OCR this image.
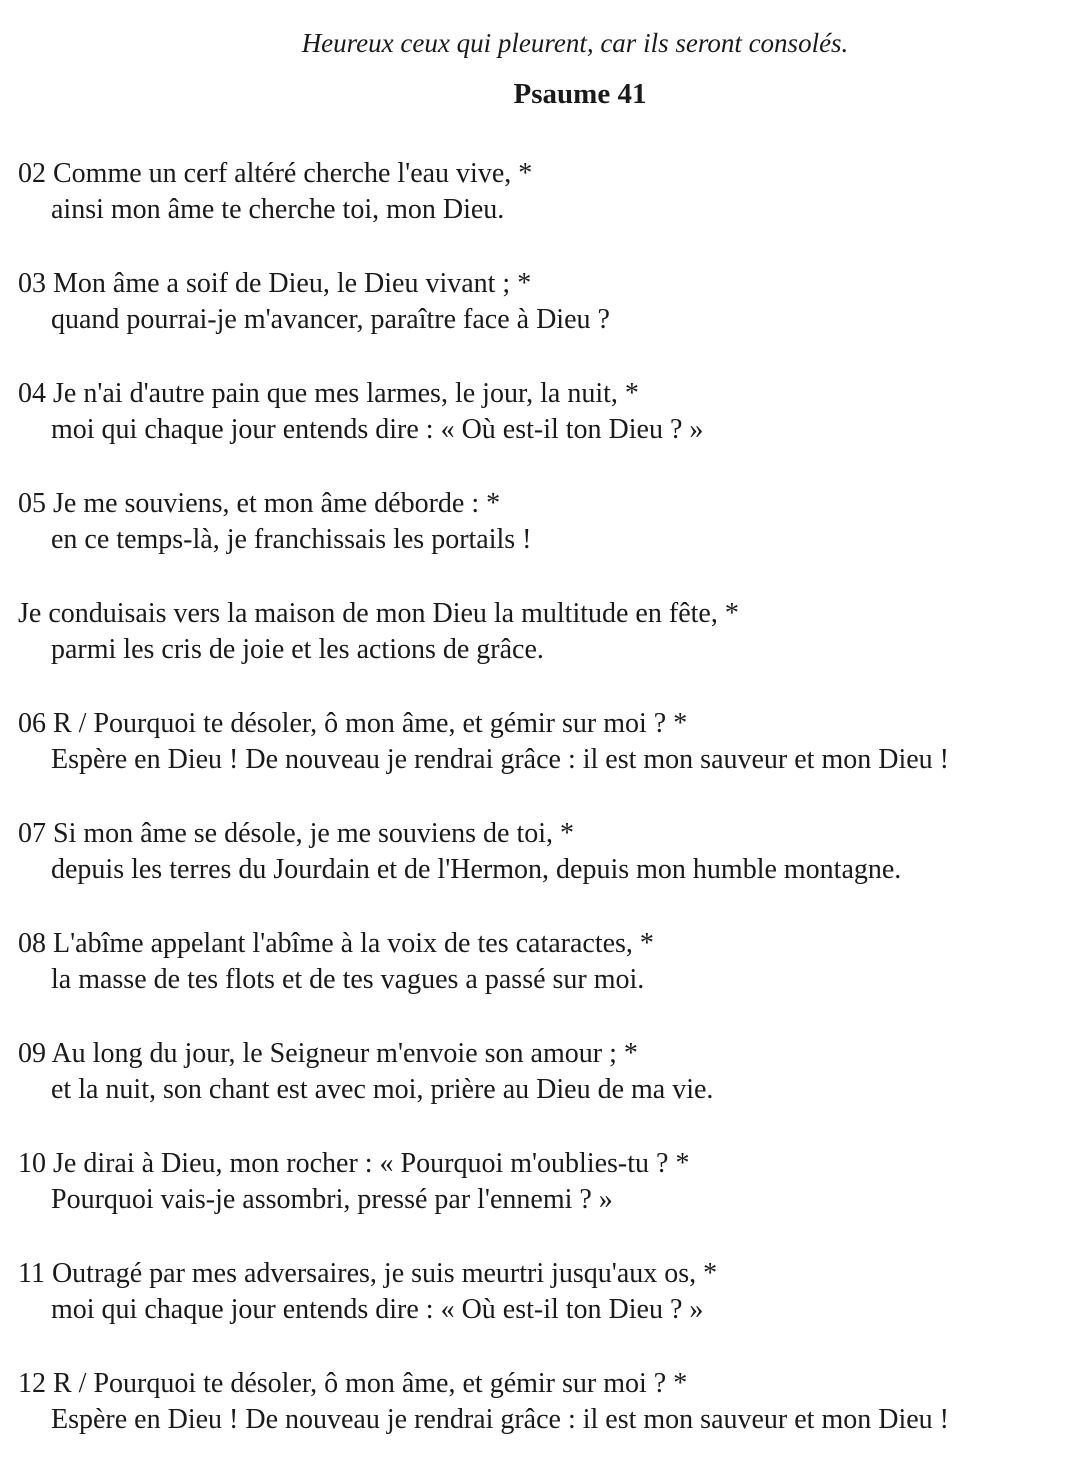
Heureux ceux qui pleurent, car ils seront consolés.
Psaume 41
02 Comme un cerf altéré cherche l'eau vive, *
ainsi mon âme te cherche toi, mon Dieu.
03 Mon âme a soif de Dieu, le Dieu vivant ; *
quand pourrai-je m'avancer, paraître face à Dieu ?
04 Je n'ai d'autre pain que mes larmes, le jour, la nuit, *
moi qui chaque jour entends dire : « Où est-il ton Dieu ? »
05 Je me souviens, et mon âme déborde : *
en ce temps-là, je franchissais les portails !
Je conduisais vers la maison de mon Dieu la multitude en fête, *
parmi les cris de joie et les actions de grâce.
06 R / Pourquoi te désoler, ô mon âme, et gémir sur moi ? *
Espère en Dieu ! De nouveau je rendrai grâce : il est mon sauveur et mon Dieu !
07 Si mon âme se désole, je me souviens de toi, *
depuis les terres du Jourdain et de l'Hermon, depuis mon humble montagne.
08 L'abîme appelant l'abîme à la voix de tes cataractes, *
la masse de tes flots et de tes vagues a passé sur moi.
09 Au long du jour, le Seigneur m'envoie son amour ; *
et la nuit, son chant est avec moi, prière au Dieu de ma vie.
10 Je dirai à Dieu, mon rocher : « Pourquoi m'oublies-tu ? *
Pourquoi vais-je assombri, pressé par l'ennemi ? »
11 Outragé par mes adversaires, je suis meurtri jusqu'aux os, *
moi qui chaque jour entends dire : « Où est-il ton Dieu ? »
12 R / Pourquoi te désoler, ô mon âme, et gémir sur moi ? *
Espère en Dieu ! De nouveau je rendrai grâce : il est mon sauveur et mon Dieu !
